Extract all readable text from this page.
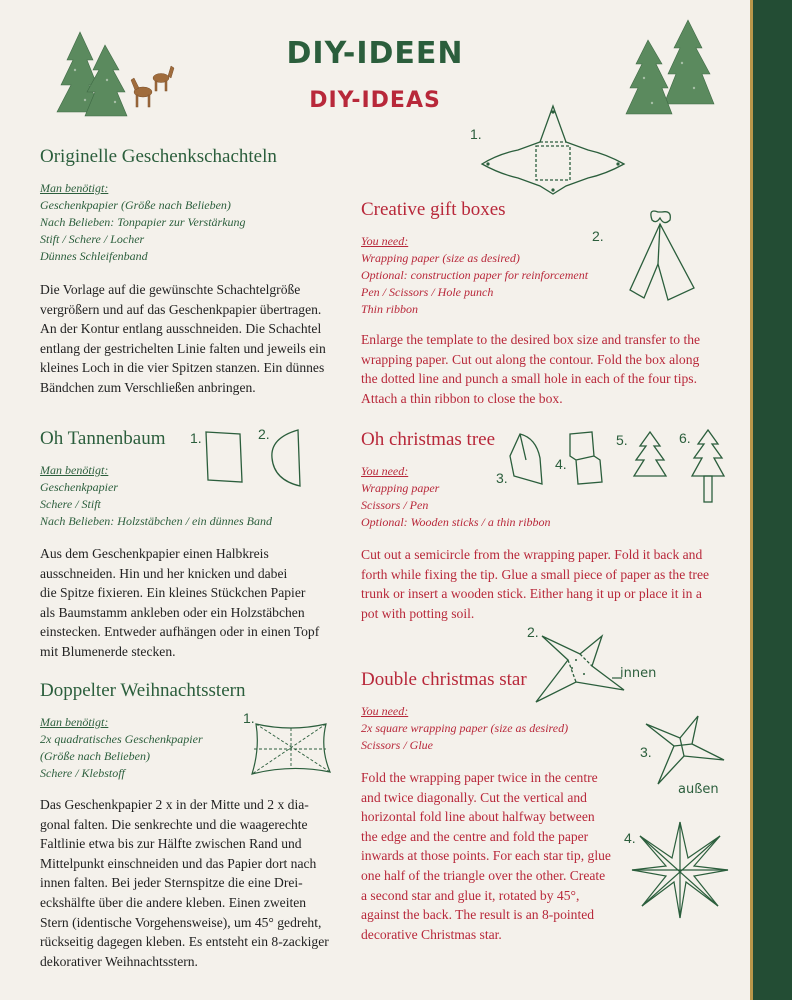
DIY-IDEEN
DIY-IDEAS
Originelle Geschenkschachteln
Man benötigt:
Geschenkpapier (Größe nach Belieben)
Nach Belieben: Tonpapier zur Verstärkung
Stift / Schere / Locher
Dünnes Schleifenband
Die Vorlage auf die gewünschte Schachtelgröße
vergrößern und auf das Geschenkpapier übertragen.
An der Kontur entlang ausschneiden. Die Schachtel
entlang der gestrichelten Linie falten und jeweils ein
kleines Loch in die vier Spitzen stanzen. Ein dünnes
Bändchen zum Verschließen anbringen.
1.
Creative gift boxes
2.
You need:
Wrapping paper (size as desired)
Optional: construction paper for reinforcement
Pen / Scissors / Hole punch
Thin ribbon
Enlarge the template to the desired box size and transfer to the
wrapping paper. Cut out along the contour. Fold the box along
the dotted line and punch a small hole in each of the four tips.
Attach a thin ribbon to close the box.
Oh Tannenbaum 1.	2.
Man benötigt:
Geschenkpapier
Schere / Stift
Nach Belieben: Holzstäbchen / ein dünnes Band
Aus dem Geschenkpapier einen Halbkreis
ausschneiden. Hin und her knicken und dabei
die Spitze fixieren. Ein kleines Stückchen Papier
als Baumstamm ankleben oder ein Holzstäbchen
einstecken. Entweder aufhängen oder in einen Topf
mit Blumenerde stecken.
Oh christmas tree
3.
4.
5.	6.
You need:
Wrapping paper
Scissors / Pen
Optional: Wooden sticks / a thin ribbon
Cut out a semicircle from the wrapping paper. Fold it back and
forth while fixing the tip. Glue a small piece of paper as the tree
trunk or insert a wooden stick. Either hang it up or place it in a
pot with potting soil.
Doppelter Weihnachtsstern
1.
Man benötigt:
2x quadratisches Geschenkpapier
(Größe nach Belieben)
Schere / Klebstoff
Das Geschenkpapier 2 x in der Mitte und 2 x dia-
gonal falten. Die senkrechte und die waagerechte
Faltlinie etwa bis zur Hälfte zwischen Rand und
Mittelpunkt einschneiden und das Papier dort nach
innen falten. Bei jeder Sternspitze die eine Drei-
eckshälfte über die andere kleben. Einen zweiten
Stern (identische Vorgehensweise), um 45° gedreht,
rückseitig dagegen kleben. Es entsteht ein 8-zackiger
dekorativer Weihnachtsstern.
2.
innen
Double christmas star
You need:
2x square wrapping paper (size as desired)
Scissors / Glue	3.
außen
Fold the wrapping paper twice in the centre
and twice diagonally. Cut the vertical and
horizontal fold line about halfway between
the edge and the centre and fold the paper
inwards at those points. For each star tip, glue
one half of the triangle over the other. Create
a second star and glue it, rotated by 45°,
against the back. The result is an 8-pointed
decorative Christmas star.
4.
